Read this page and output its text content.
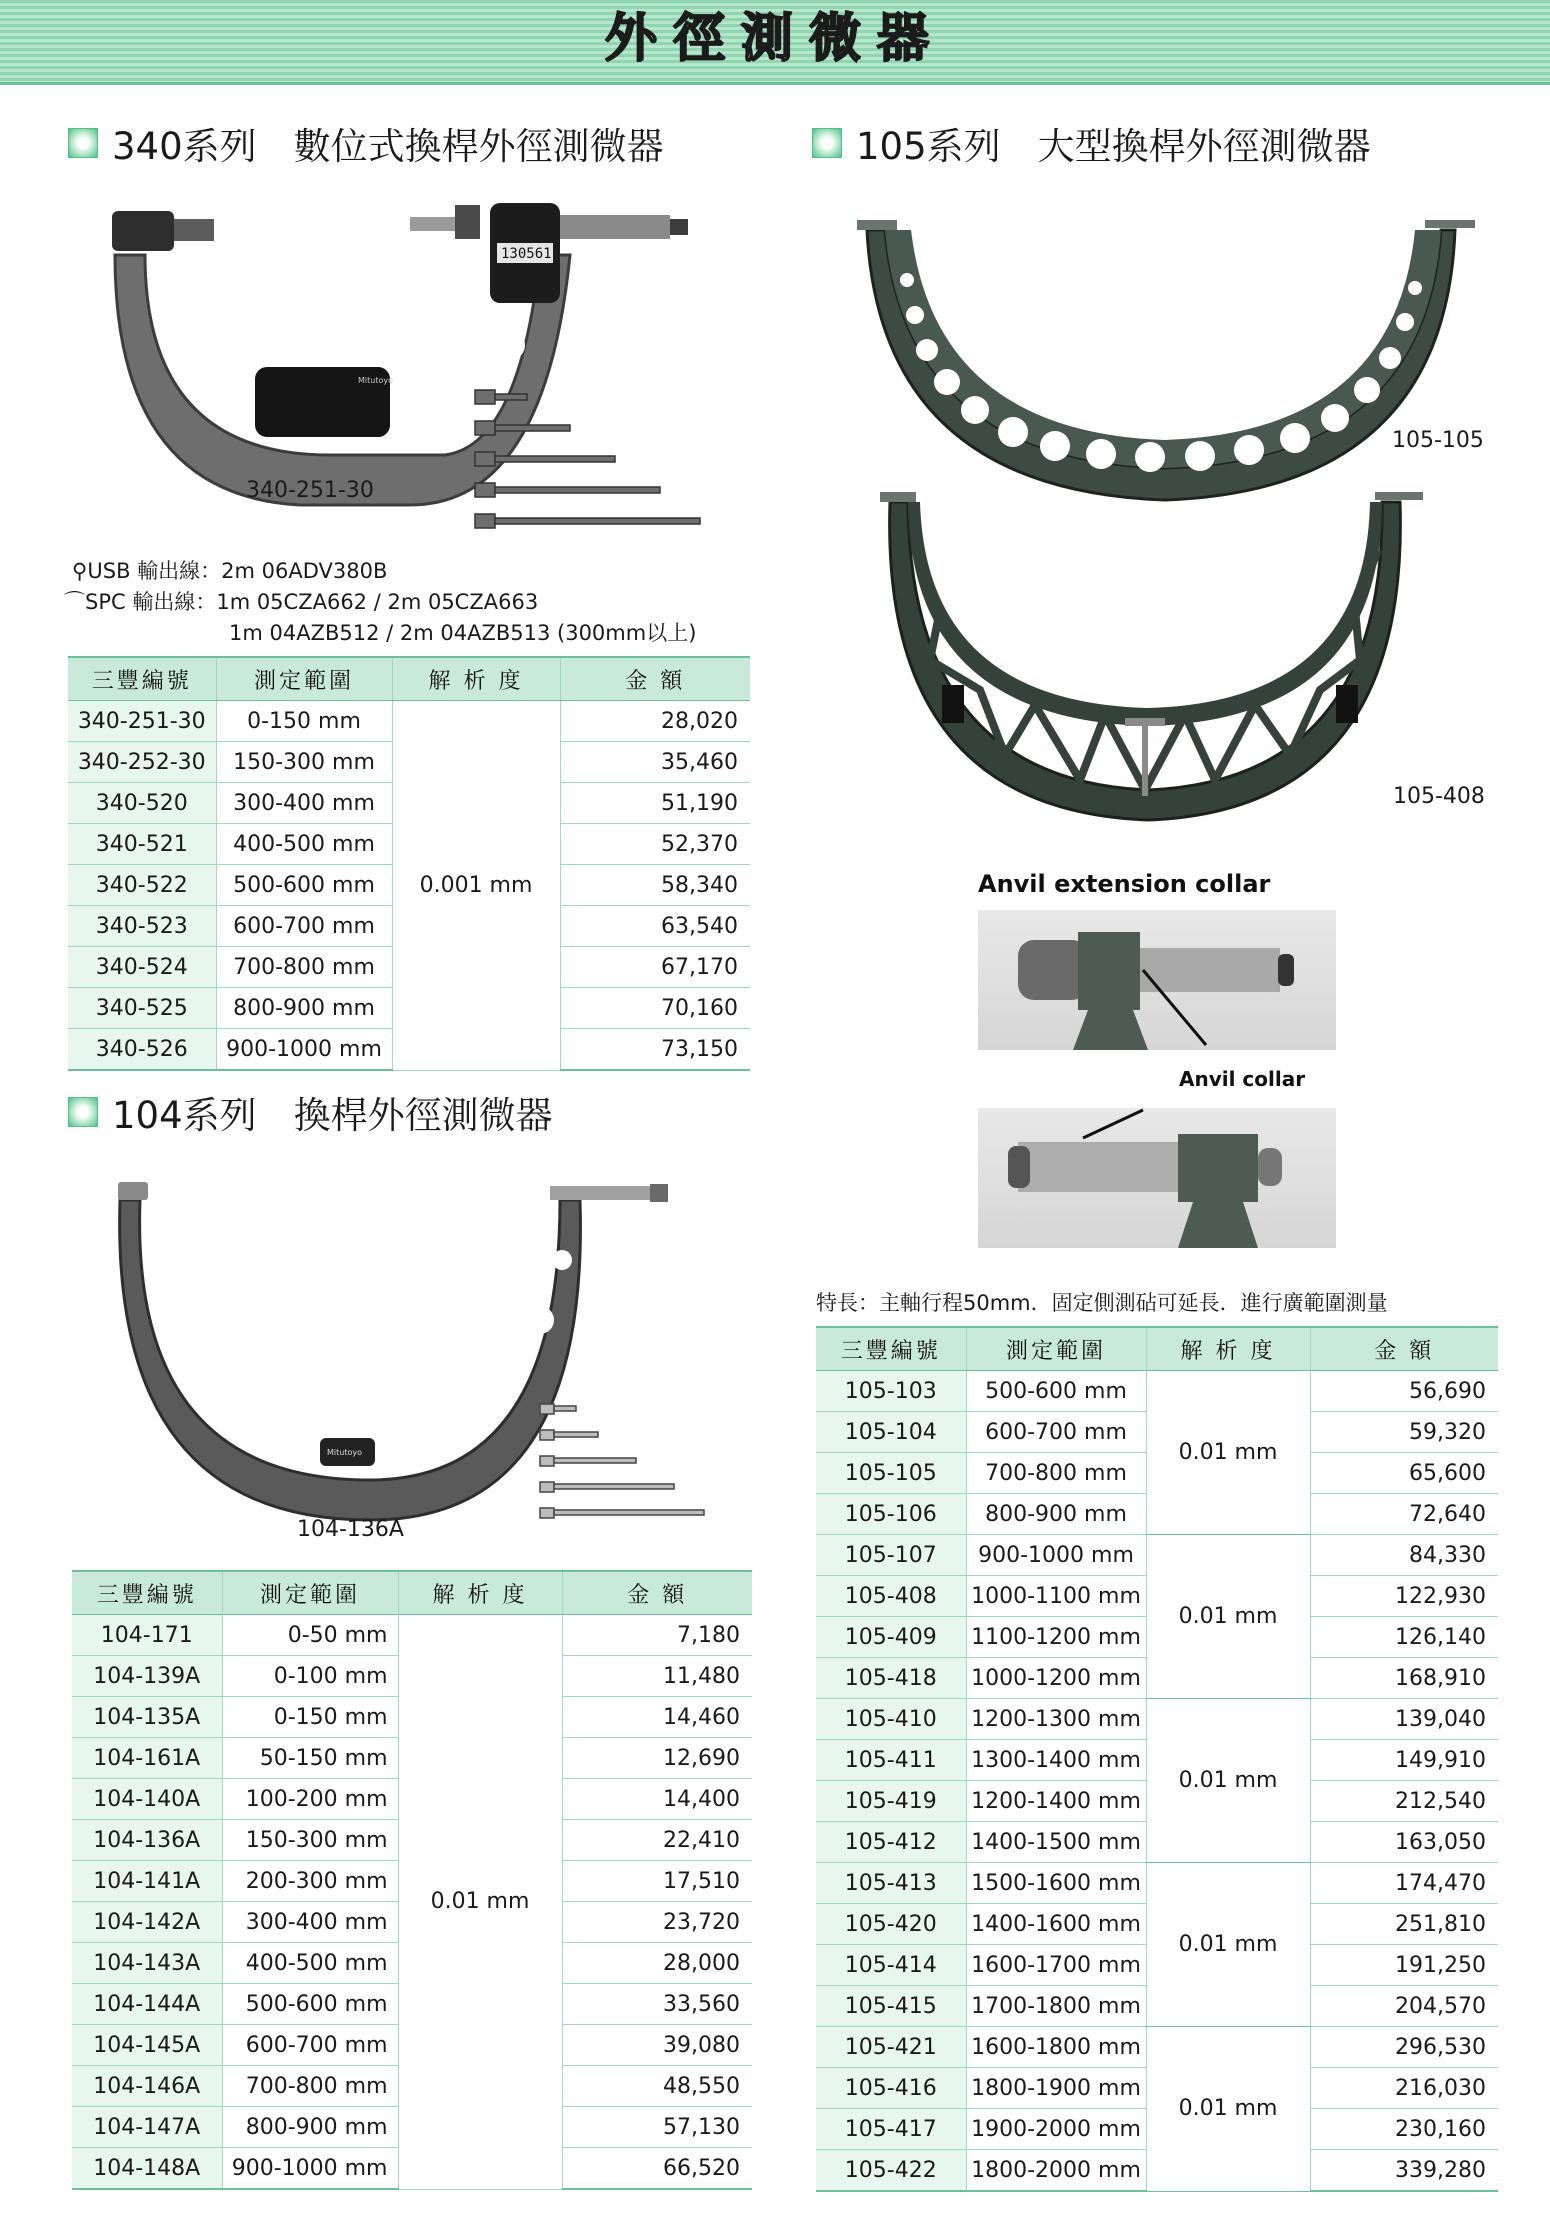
外徑測微器
340系列　數位式換桿外徑測微器
Mitutoyo
130561
340-251-30
⚲USB 輸出線：2m 06ADV380B
⌒SPC 輸出線：1m 05CZA662 / 2m 05CZA663
1m 04AZB512 / 2m 04AZB513 (300mm以上)
三豐編號	測定範圍	解 析 度	金 額
340-251-30	0-150 mm	0.001 mm	28,020
340-252-30	150-300 mm		35,460
340-520	300-400 mm		51,190
340-521	400-500 mm		52,370
340-522	500-600 mm		58,340
340-523	600-700 mm		63,540
340-524	700-800 mm		67,170
340-525	800-900 mm		70,160
340-526	900-1000 mm		73,150
104系列　換桿外徑測微器
Mitutoyo
104-136A
三豐編號	測定範圍	解 析 度	金 額
104-171	0-50 mm	0.01 mm	7,180
104-139A	0-100 mm		11,480
104-135A	0-150 mm		14,460
104-161A	50-150 mm		12,690
104-140A	100-200 mm		14,400
104-136A	150-300 mm		22,410
104-141A	200-300 mm		17,510
104-142A	300-400 mm		23,720
104-143A	400-500 mm		28,000
104-144A	500-600 mm		33,560
104-145A	600-700 mm		39,080
104-146A	700-800 mm		48,550
104-147A	800-900 mm		57,130
104-148A	900-1000 mm		66,520
105系列　大型換桿外徑測微器
105-105
105-408
Anvil extension collar
Anvil collar
特長：主軸行程50mm．固定側測砧可延長．進行廣範圍測量
三豐編號	測定範圍	解 析 度	金 額
105-103	500-600 mm	0.01 mm	56,690
105-104	600-700 mm		59,320
105-105	700-800 mm		65,600
105-106	800-900 mm		72,640
105-107	900-1000 mm	0.01 mm	84,330
105-408	1000-1100 mm		122,930
105-409	1100-1200 mm		126,140
105-418	1000-1200 mm		168,910
105-410	1200-1300 mm	0.01 mm	139,040
105-411	1300-1400 mm		149,910
105-419	1200-1400 mm		212,540
105-412	1400-1500 mm		163,050
105-413	1500-1600 mm	0.01 mm	174,470
105-420	1400-1600 mm		251,810
105-414	1600-1700 mm		191,250
105-415	1700-1800 mm		204,570
105-421	1600-1800 mm	0.01 mm	296,530
105-416	1800-1900 mm		216,030
105-417	1900-2000 mm		230,160
105-422	1800-2000 mm		339,280
